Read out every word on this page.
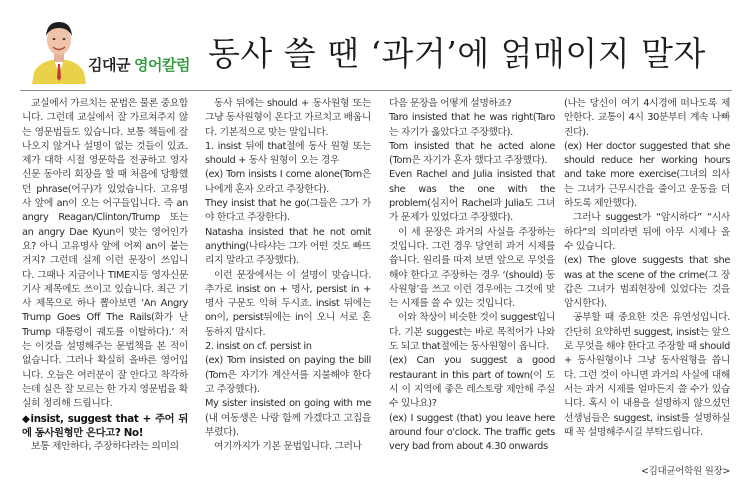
김대균 영어칼럼 동사 쓸 땐 ‘과거’에 얽매이지 말자

교실에서 가르치는 문법은 물론 중요합니다. 그런데 교실에서 잘 가르쳐주지 않는 영문법들도 있습니다. 보통 책들에 잘 나오지 않거나 설명이 없는 것들이 있죠. 제가 대학 시절 영문학을 전공하고 영자신문 동아리 회장을 할 때 처음에 당황했던 phrase(어구)가 있었습니다. 고유명사 앞에 an이 오는 어구들입니다. 즉 an angry Reagan/Clinton/Trump 또는 an angry Dae Kyun이 맞는 영어인가요? 아니 고유명사 앞에 어찌 an이 붙는 거지? 그런데 실제 이런 문장이 쓰입니다. 그때나 지금이나 TIME지등 영자신문 기사 제목에도 쓰이고 있습니다. 최근 기사 제목으로 하나 뽑아보면 ‘An Angry Trump Goes Off The Rails(화가 난 Trump 대통령이 궤도를 이탈하다).’ 저는 이것을 설명해주는 문법책을 본 적이 없습니다. 그러나 확실히 올바른 영어입니다. 오늘은 여러분이 잘 안다고 착각하는데 실은 잘 모르는 한 가지 영문법을 확실히 정리해 드립니다.

◆insist, suggest that + 주어 뒤에 동사원형만 온다고? No!

보통 제안하다, 주장하다라는 의미의

동사 뒤에는 should + 동사원형 또는 그냥 동사원형이 온다고 가르치고 배웁니다. 기본적으로 맞는 말입니다.

1. insist 뒤에 that절에 동사 원형 또는 should + 동사 원형이 오는 경우

(ex) Tom insists I come alone(Tom은 나에게 혼자 오라고 주장한다).

They insist that he go(그들은 그가 가야 한다고 주장한다).

Natasha insisted that he not omit anything(나타샤는 그가 어떤 것도 빠뜨리지 말라고 주장했다).

이런 문장에서는 이 설명이 맞습니다. 추가로 insist on + 명사, persist in + 명사 구문도 익혀 두시죠. insist 뒤에는 on이, persist뒤에는 in이 오니 서로 혼동하지 맙시다.

2. insist on cf. persist in

(ex) Tom insisted on paying the bill (Tom은 자기가 계산서를 지불해야 한다고 주장했다).

My sister insisted on going with me (내 여동생은 나랑 함께 가겠다고 고집을 부렸다).

여기까지가 기본 문법입니다. 그러나

다음 문장을 어떻게 설명하죠?

Taro insisted that he was right(Taro는 자기가 옳았다고 주장했다).

Tom insisted that he acted alone (Tom은 자기가 혼자 했다고 주장했다).

Even Rachel and Julia insisted that she was the one with the problem(심지어 Rachel과 Julia도 그녀가 문제가 있었다고 주장했다).

이 세 문장은 과거의 사실을 주장하는 것입니다. 그런 경우 당연히 과거 시제를 씁니다. 원리를 따져 보면 앞으로 무엇을 해야 한다고 주장하는 경우 ‘(should) 동사원형’을 쓰고 이런 경우에는 그것에 맞는 시제를 쓸 수 있는 것입니다.

이와 착상이 비슷한 것이 suggest입니다. 기본 suggest는 바로 목적어가 나와도 되고 that절에는 동사원형이 옵니다.

(ex) Can you suggest a good restaurant in this part of town(이 도시 이 지역에 좋은 레스토랑 제안해 주실 수 있나요)?

(ex) I suggest (that) you leave here around four o'clock. The traffic gets very bad from about 4.30 onwards

(나는 당신이 여기 4시경에 떠나도록 제안한다. 교통이 4시 30분부터 계속 나빠진다).

(ex) Her doctor suggested that she should reduce her working hours and take more exercise(그녀의 의사는 그녀가 근무시간을 줄이고 운동을 더 하도록 제안했다).

그러나 suggest가 “암시하다” “시사하다”의 의미라면 뒤에 아무 시제나 올 수 있습니다.

(ex) The glove suggests that she was at the scene of the crime(그 장갑은 그녀가 범죄현장에 있었다는 것을 암시한다).

공부할 때 중요한 것은 유연성입니다. 간단히 요약하면 suggest, insist는 앞으로 무엇을 해야 한다고 주장할 때 should + 동사원형이나 그냥 동사원형을 씁니다. 그런 것이 아니면 과거의 사실에 대해서는 과거 시제를 얼마든지 쓸 수가 있습니다. 혹시 이 내용을 설명하지 않으셨던 선생님들은 suggest, insist를 설명하실 때 꼭 설명해주시길 부탁드립니다.

<김대균어학원 원장>
